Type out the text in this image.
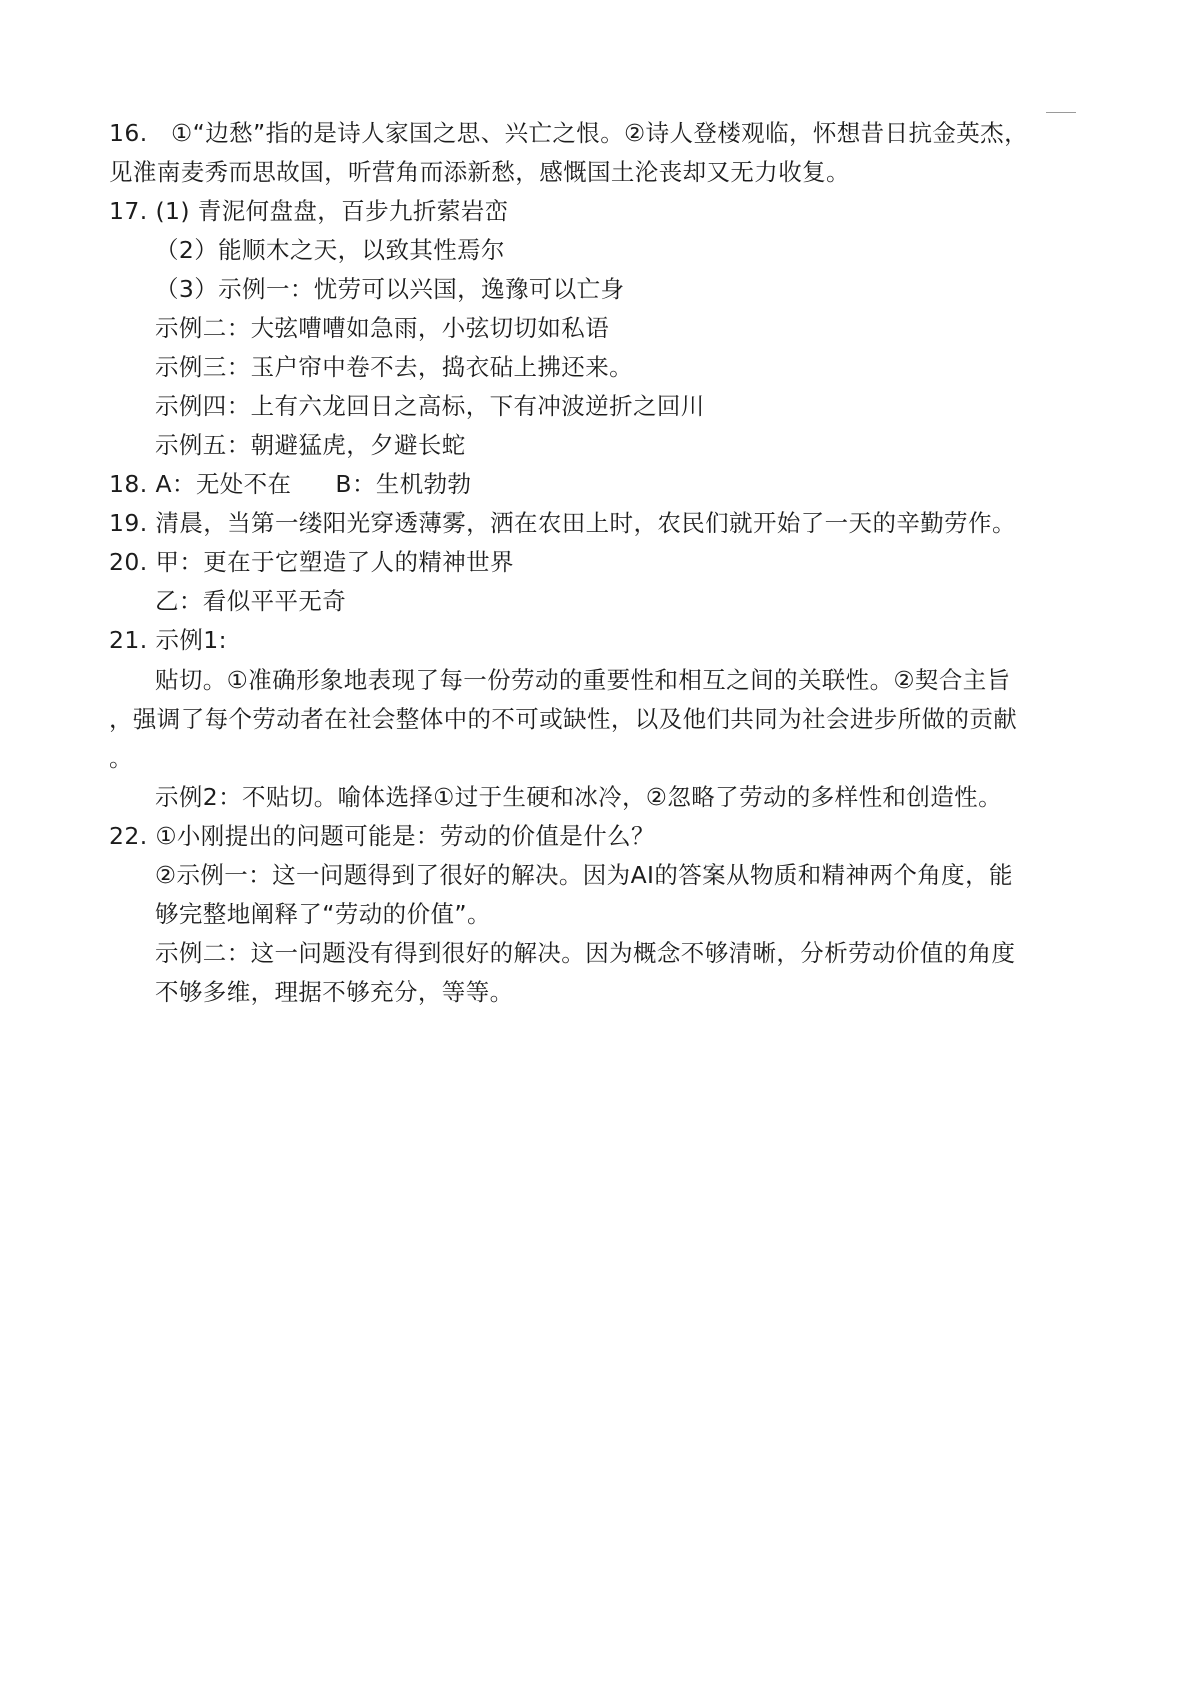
16.   ①“边愁”指的是诗人家国之思、兴亡之恨。②诗人登楼观临，怀想昔日抗金英杰，
见淮南麦秀而思故国，听营角而添新愁，感慨国土沦丧却又无力收复。
17. (1) 青泥何盘盘，百步九折萦岩峦
（2）能顺木之天，以致其性焉尔
（3）示例一：忧劳可以兴国，逸豫可以亡身
示例二：大弦嘈嘈如急雨，小弦切切如私语
示例三：玉户帘中卷不去，捣衣砧上拂还来。
示例四：上有六龙回日之高标，下有冲波逆折之回川
示例五：朝避猛虎，夕避长蛇
18. A：无处不在 B：生机勃勃
19. 清晨，当第一缕阳光穿透薄雾，洒在农田上时，农民们就开始了一天的辛勤劳作。
20. 甲：更在于它塑造了人的精神世界
乙：看似平平无奇
21. 示例1:
贴切。①准确形象地表现了每一份劳动的重要性和相互之间的关联性。②契合主旨
，强调了每个劳动者在社会整体中的不可或缺性，以及他们共同为社会进步所做的贡献
。
示例2：不贴切。喻体选择①过于生硬和冰冷，②忽略了劳动的多样性和创造性。
22. ①小刚提出的问题可能是：劳动的价值是什么？
②示例一：这一问题得到了很好的解决。因为AI的答案从物质和精神两个角度，能
够完整地阐释了“劳动的价值”。
示例二：这一问题没有得到很好的解决。因为概念不够清晰，分析劳动价值的角度
不够多维，理据不够充分，等等。
